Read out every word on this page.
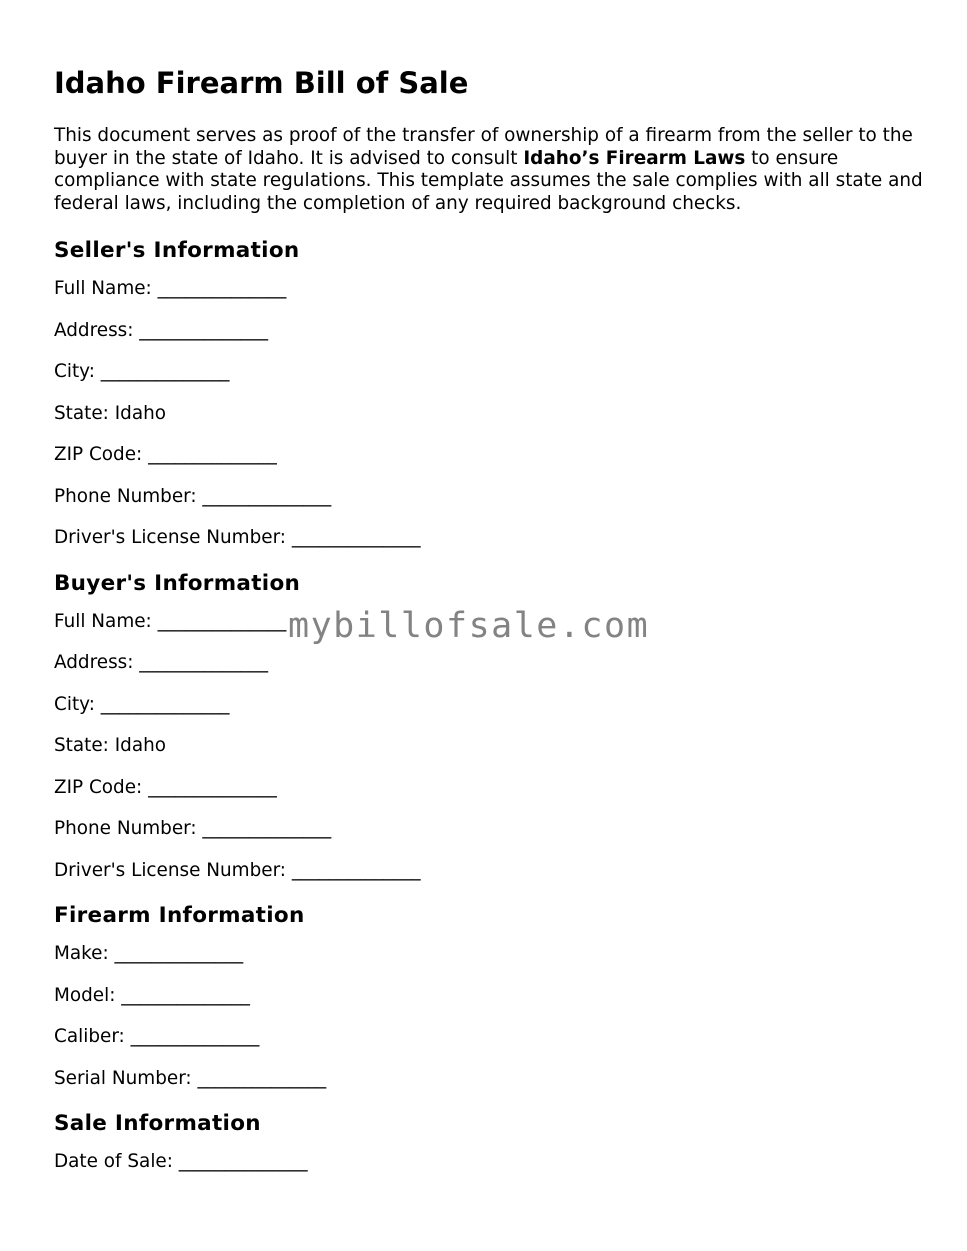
Idaho Firearm Bill of Sale

This document serves as proof of the transfer of ownership of a firearm from the seller to the buyer in the state of Idaho. It is advised to consult Idaho’s Firearm Laws to ensure compliance with state regulations. This template assumes the sale complies with all state and federal laws, including the completion of any required background checks.

Seller's Information
Full Name: ______________
Address: ______________
City: ______________
State: Idaho
ZIP Code: ______________
Phone Number: ______________
Driver's License Number: ______________
Buyer's Information
Full Name: ______________
Address: ______________
City: ______________
State: Idaho
ZIP Code: ______________
Phone Number: ______________
Driver's License Number: ______________
Firearm Information
Make: ______________
Model: ______________
Caliber: ______________
Serial Number: ______________
Sale Information
Date of Sale: ______________
mybillofsale.com
